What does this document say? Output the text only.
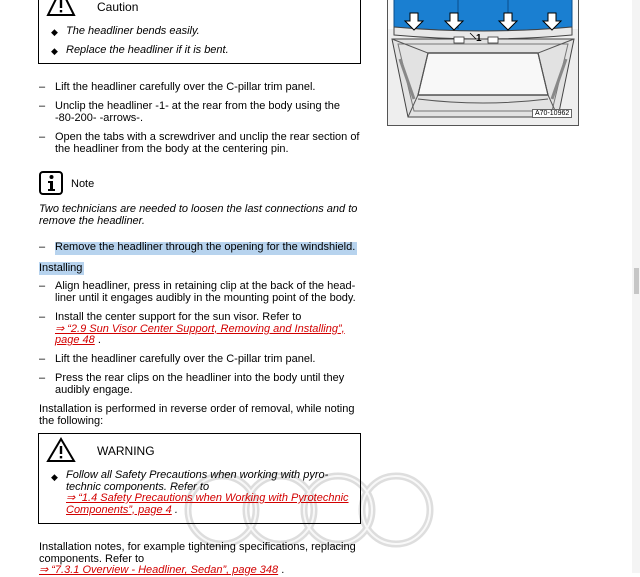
Caution
◆ The headliner bends easily.
◆ Replace the headliner if it is bent.
– Lift the headliner carefully over the C-pillar trim panel.
– Unclip the headliner -1- at the rear from the body using the -80-200- -arrows-.
– Open the tabs with a screwdriver and unclip the rear section of the headliner from the body at the centering pin.
Note
Two technicians are needed to loosen the last connections and to remove the headliner.
– Remove the headliner through the opening for the windshield.
Installing
– Align headliner, press in retaining clip at the back of the head-liner until it engages audibly in the mounting point of the body.
– Install the center support for the sun visor. Refer to
⇒ “2.9 Sun Visor Center Support, Removing and Installing”, page 48 .
– Lift the headliner carefully over the C-pillar trim panel.
– Press the rear clips on the headliner into the body until they audibly engage.
Installation is performed in reverse order of removal, while noting the following:
WARNING
◆ Follow all Safety Precautions when working with pyro-technic components. Refer to
⇒ “1.4 Safety Precautions when Working with Pyrotechnic Components”, page 4 .
Installation notes, for example tightening specifications, replacing components. Refer to
⇒ “7.3.1 Overview - Headliner, Sedan”, page 348 .
1
A70-10962
